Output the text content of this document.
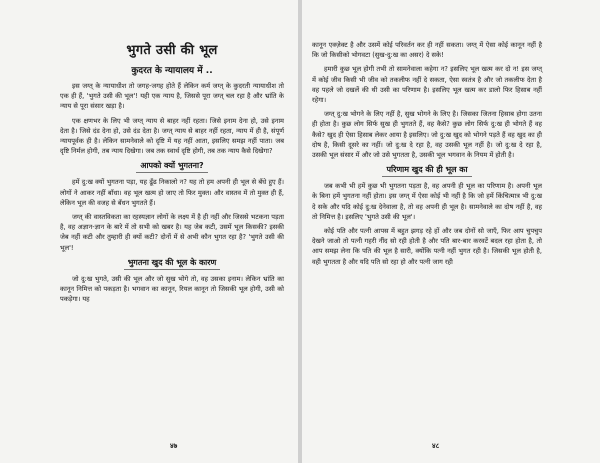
भुगते उसी की भूल
कुदरत के न्यायालय में ..

इस जग्त् के न्यायाधीश तो जगह-जगह होते हैं लेकिन कर्म जग्त् के कुदरती न्यायाधीश तो एक ही हैं, 'भुगते उसी की भूल'! यही एक न्याय है, जिससे पूरा जग्त् चल रहा है और भ्रांति के न्याय से पूरा संसार खड़ा है।

एक क्षणभर के लिए भी जग्त् न्याय से बाहर नहीं रहता। जिसे इनाम देना हो, उसे इनाम देता है। जिसे दंड देना हो, उसे दंड देता है। जग्त् न्याय से बाहर नहीं रहता, न्याय में ही है, संपूर्ण न्यायपूर्वक ही है। लेकिन सामनेवाले को दृष्टि में यह नहीं आता, इसलिए समझ नहीं पाता। जब दृष्टि निर्मल होगी, तब न्याय दिखेगा। जब तक स्वार्थ दृष्टि होगी, तब तक न्याय कैसे दिखेगा?

आपको क्यों भुगतना?

हमें दु:ख क्यों भुगतना पड़ा, यह ढूँढ निकालो न? यह तो हम अपनी ही भूल से बँधे हुए हैं। लोगों ने आकर नहीं बाँधा। वह भूल खत्म हो जाए तो फिर मुक्त। और वास्तव में तो मुक्त ही हैं, लेकिन भूल की वजह से बँधन भुगतते हैं।

जग्त् की वास्तविकता का रहस्यज्ञान लोगों के लक्ष्य में है ही नहीं और जिससे भटकना पड़ता है, वह अज्ञान-ज्ञान के बारे में तो सभी को खबर है। यह जेब कटी, उसमें भूल किसकी? इसकी जेब नहीं कटी और तुम्हारी ही क्यों कटी? दोनों में से अभी कौन भुगत रहा है? 'भुगते उसी की भूल'!

भुगतना खुद की भूल के कारण

जो दु:ख भुगते, उसी की भूल और जो सुख भोगे तो, वह उसका इनाम। लेकिन भ्रांति का कानून निमित्त को पकड़ता है। भगवान का कानून, रियल कानून तो जिसकी भूल होगी, उसी को पकड़ेगा। यह

४७

कानून एक्ज़ेक्ट है और उसमें कोई परिवर्तन कर ही नहीं सकता। जग्त् में ऐसा कोई कानून नहीं है कि जो किसीको भोगवटा (सुख-दु:ख का असर) दे सके!

हमारी कुछ भूल होगी तभी तो सामनेवाला कहेगा न? इसलिए भूल खत्म कर दो न! इस जग्त् में कोई जीव किसी भी जीव को तकलीफ नहीं दे सकता, ऐसा स्वतंत्र है और जो तकलीफ देता है वह पहले जो दखलें की थी उसी का परिणाम है। इसलिए भूल खत्म कर डालो फिर हिसाब नहीं रहेगा।

जग्त् दु:ख भोगने के लिए नहीं है, सुख भोगने के लिए है। जिसका जितना हिसाब होगा उतना ही होता है। कुछ लोग सिर्फ सुख ही भुगतते हैं, वह कैसे? कुछ लोग सिर्फ दु:ख ही भोगते हैं वह कैसे? खुद ही ऐसा हिसाब लेकर आया है इसलिए। जो दु:ख खुद को भोगने पड़ते हैं वह खुद का ही दोष है, किसी दूसरे का नहीं। जो दु:ख दे रहा है, वह उसकी भूल नहीं है। जो दु:ख दे रहा है, उसकी भूल संसार में और जो उसे भुगतता है, उसकी भूल भगवान के नियम में होती है।

परिणाम खुद की ही भूल का

जब कभी भी हमें कुछ भी भुगतना पड़ता है, वह अपनी ही भूल का परिणाम है। अपनी भूल के बिना हमें भुगतना नहीं होता। इस जग्त् में ऐसा कोई भी नहीं है कि जो हमें किंचित्मात्र भी दु:ख दे सके और यदि कोई दु:ख देनेवाला है, तो वह अपनी ही भूल है। सामनेवाले का दोष नहीं है, वह तो निमित्त है। इसलिए 'भुगते उसी की भूल'।

कोई पति और पत्नी आपस में बहुत झगड़ रहे हों और जब दोनों सो जाएँ, फिर आप चुपचुप देखने जाओ तो पत्नी गहरी नींद सो रही होती है और पति बार-बार करवटें बदल रहा होता है, तो आप समझ लेना कि पति की भूल है सारी, क्योंकि पत्नी नहीं भुगत रही है। जिसकी भूल होती है, वही भुगतता है और यदि पति सो रहा हो और पत्नी जाग रही

४८
